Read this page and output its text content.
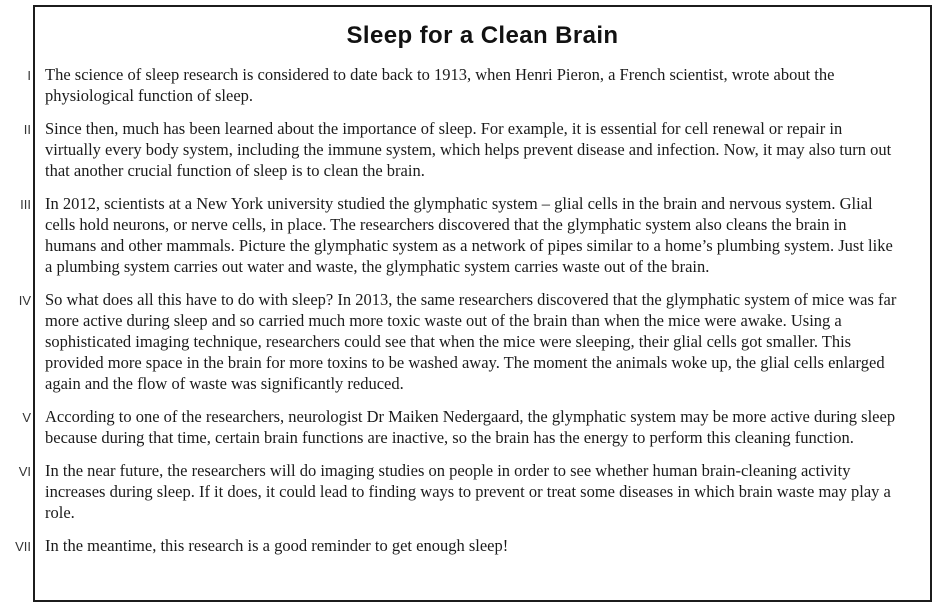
Sleep for a Clean Brain
I The science of sleep research is considered to date back to 1913, when Henri Pieron, a French scientist, wrote about the physiological function of sleep.
II Since then, much has been learned about the importance of sleep. For example, it is essential for cell renewal or repair in virtually every body system, including the immune system, which helps prevent disease and infection. Now, it may also turn out that another crucial function of sleep is to clean the brain.
III In 2012, scientists at a New York university studied the glymphatic system – glial cells in the brain and nervous system. Glial cells hold neurons, or nerve cells, in place. The researchers discovered that the glymphatic system also cleans the brain in humans and other mammals. Picture the glymphatic system as a network of pipes similar to a home’s plumbing system. Just like a plumbing system carries out water and waste, the glymphatic system carries waste out of the brain.
IV So what does all this have to do with sleep? In 2013, the same researchers discovered that the glymphatic system of mice was far more active during sleep and so carried much more toxic waste out of the brain than when the mice were awake. Using a sophisticated imaging technique, researchers could see that when the mice were sleeping, their glial cells got smaller. This provided more space in the brain for more toxins to be washed away. The moment the animals woke up, the glial cells enlarged again and the flow of waste was significantly reduced.
V According to one of the researchers, neurologist Dr Maiken Nedergaard, the glymphatic system may be more active during sleep because during that time, certain brain functions are inactive, so the brain has the energy to perform this cleaning function.
VI In the near future, the researchers will do imaging studies on people in order to see whether human brain-cleaning activity increases during sleep. If it does, it could lead to finding ways to prevent or treat some diseases in which brain waste may play a role.
VII In the meantime, this research is a good reminder to get enough sleep!
